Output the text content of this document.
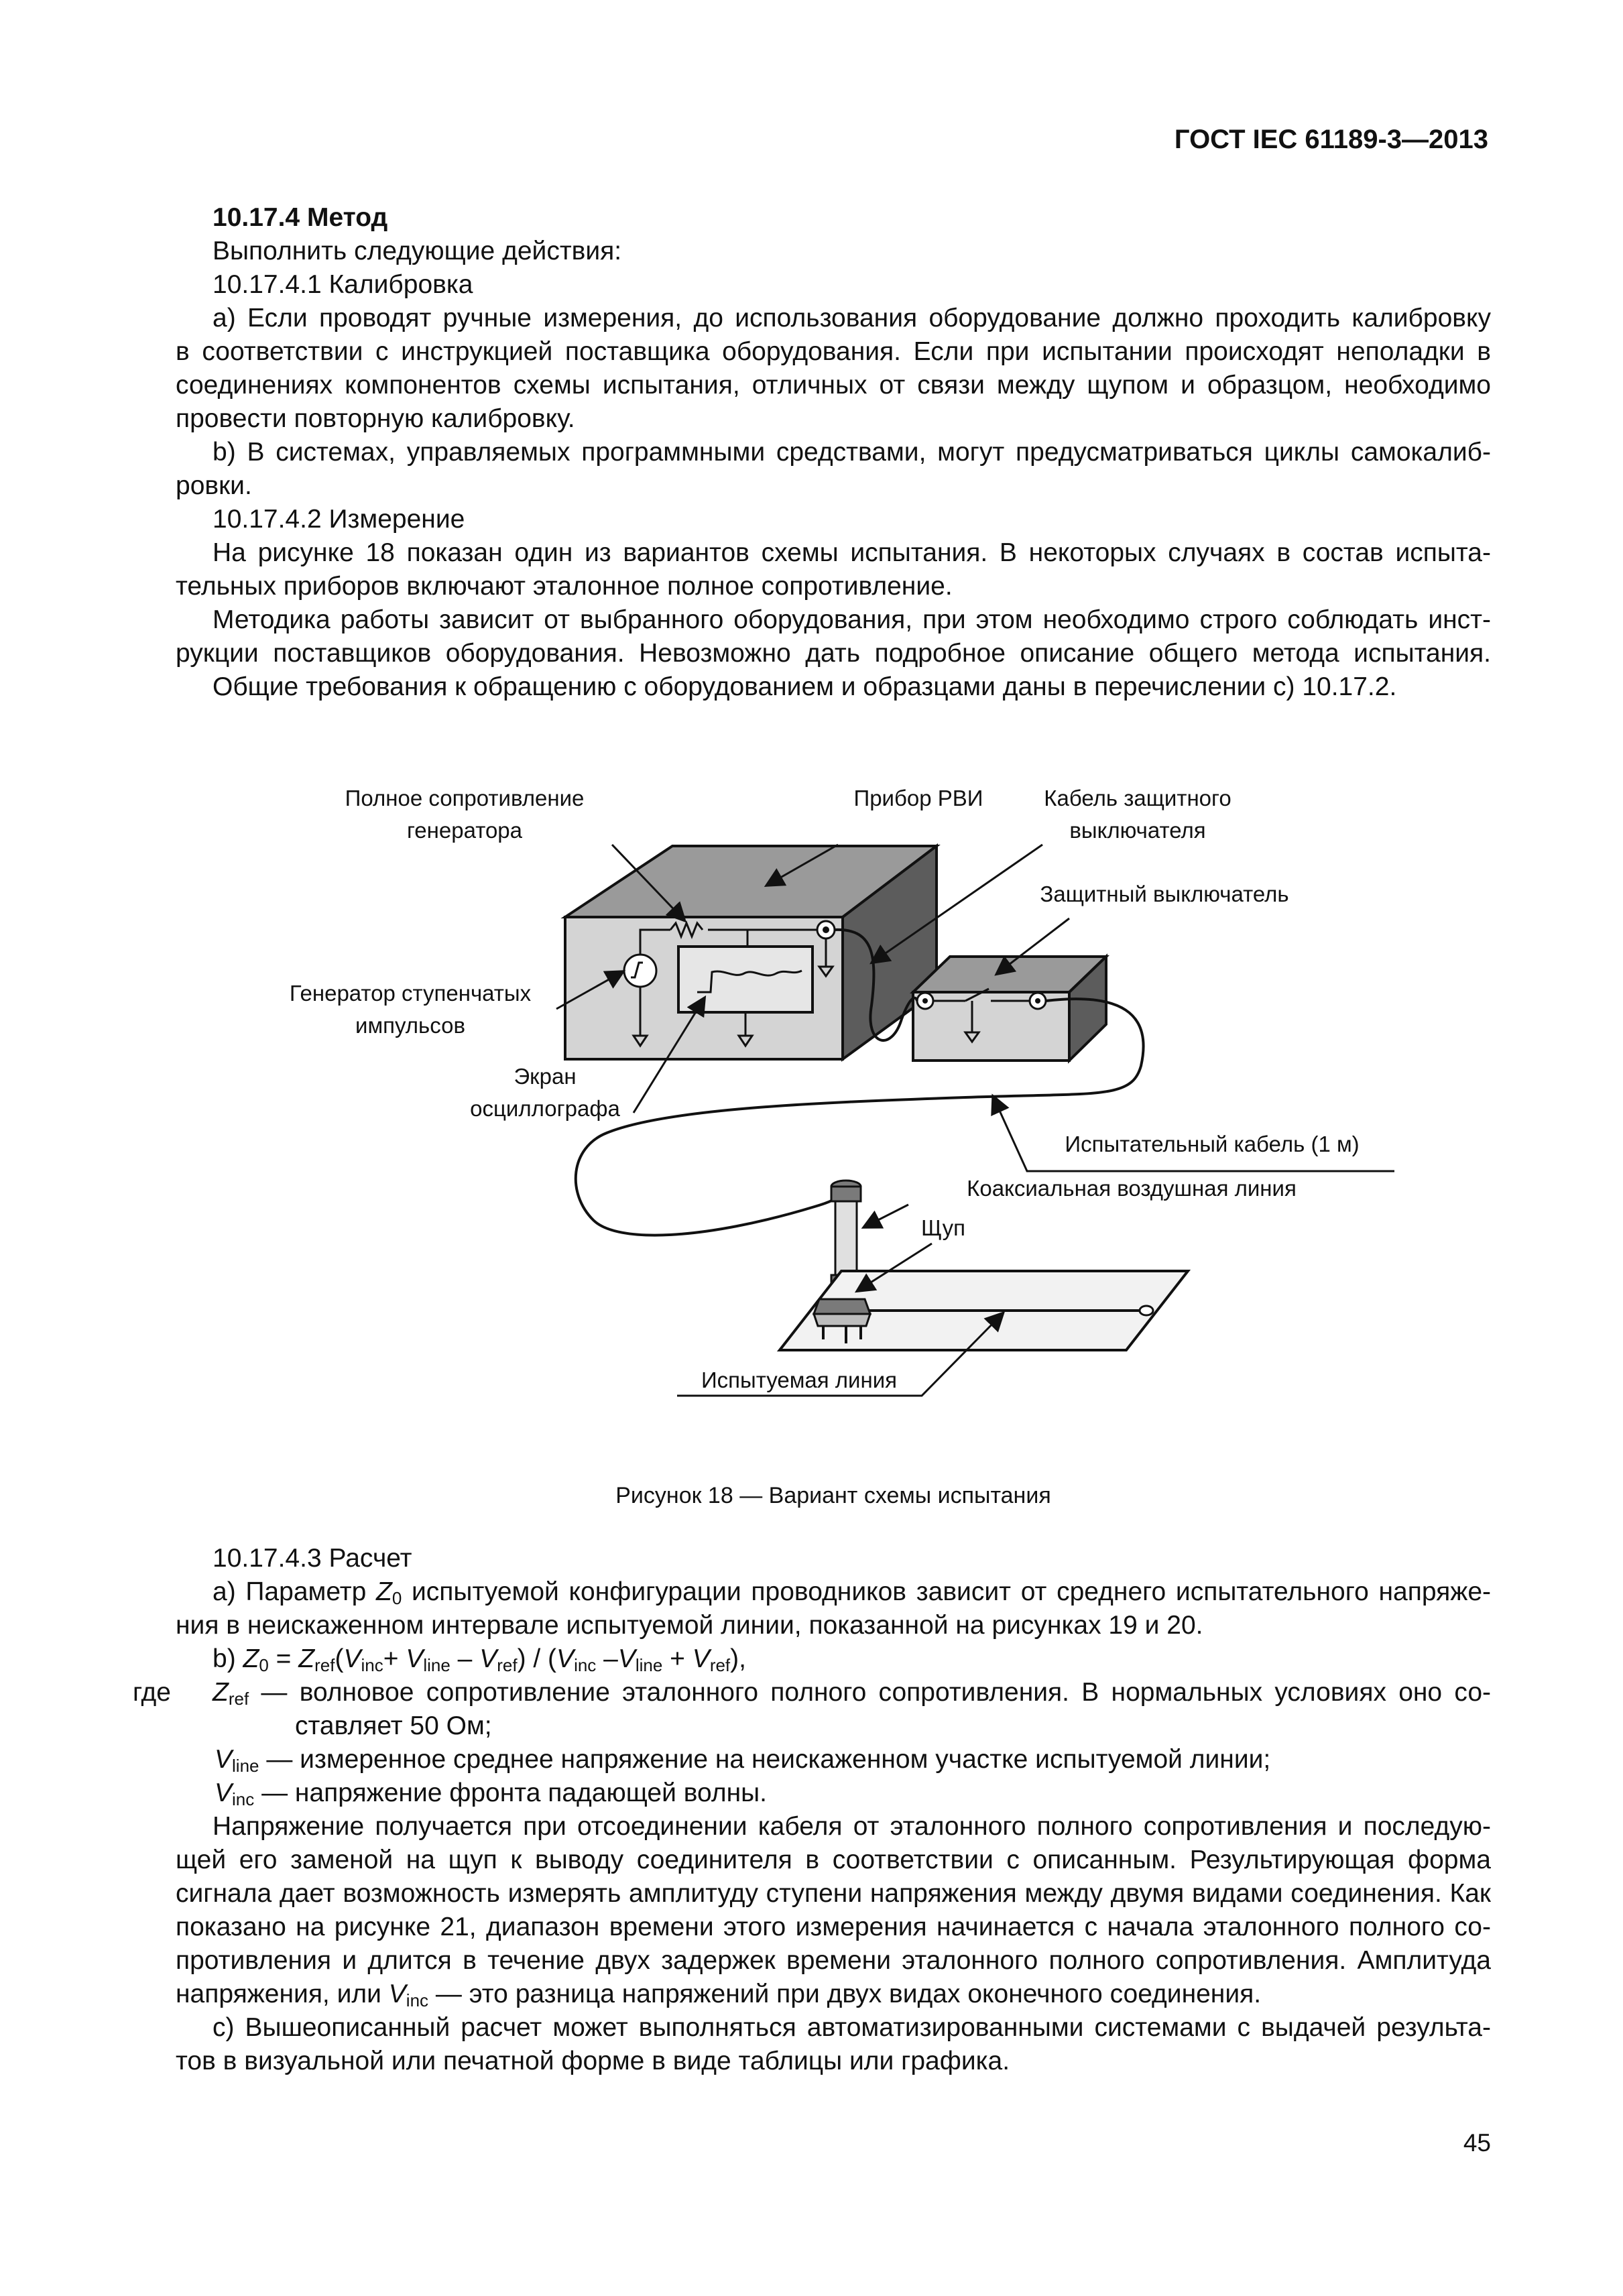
ГОСТ IEC 61189-3—2013
10.17.4 Метод
Выполнить следующие действия:
10.17.4.1 Калибровка
а) Если проводят ручные измерения, до использования оборудование должно проходить калибровку
в соответствии с инструкцией поставщика оборудования. Если при испытании происходят неполадки в
соединениях компонентов схемы испытания, отличных от связи между щупом и образцом, необходимо
провести повторную калибровку.
b) В системах, управляемых программными средствами, могут предусматриваться циклы самокалиб-
ровки.
10.17.4.2 Измерение
На рисунке 18 показан один из вариантов схемы испытания. В некоторых случаях в состав испыта-
тельных приборов включают эталонное полное сопротивление.
Методика работы зависит от выбранного оборудования, при этом необходимо строго соблюдать инст-
рукции поставщиков оборудования. Невозможно дать подробное описание общего метода испытания.
Общие требования к обращению с оборудованием и образцами даны в перечислении с) 10.17.2.
Полное сопротивление
генератора
Прибор РВИ	Кабель защитного
выключателя
Защитный выключатель
Генератор ступенчатых
импульсов
Экран
осциллографа
Испытательный кабель (1 м)
Коаксиальная воздушная линия
Щуп
Испытуемая линия
Рисунок 18 — Вариант схемы испытания
10.17.4.3 Расчет
а) Параметр $Z_0$ испытуемой конфигурации проводников зависит от среднего испытательного напряже-
ния в неискаженном интервале испытуемой линии, показанной на рисунках 19 и 20.
b) $Z_0 = Z_{ref}(V_{inc}+ V_{line} - V_{ref}) / (V_{inc}$ $-V_{line} + V_{ref}$),
где $Z_{ref}$ — волновое сопротивление эталонного полного сопротивления. В нормальных условиях оно со-
ставляет 50 Ом;
$V_{line}$ — измеренное среднее напряжение на неискаженном участке испытуемой линии;
$V_{inc}$ — напряжение фронта падающей волны.
Напряжение получается при отсоединении кабеля от эталонного полного сопротивления и последую-
щей его заменой на щуп к выводу соединителя в соответствии с описанным. Результирующая форма
сигнала дает возможность измерять амплитуду ступени напряжения между двумя видами соединения. Как
показано на рисунке 21, диапазон времени этого измерения начинается с начала эталонного полного со-
противления и длится в течение двух задержек времени эталонного полного сопротивления. Амплитуда
напряжения, или $V_{inc}$ — это разница напряжений при двух видах оконечного соединения.
с) Вышеописанный расчет может выполняться автоматизированными системами с выдачей результа-
тов в визуальной или печатной форме в виде таблицы или графика.
45
